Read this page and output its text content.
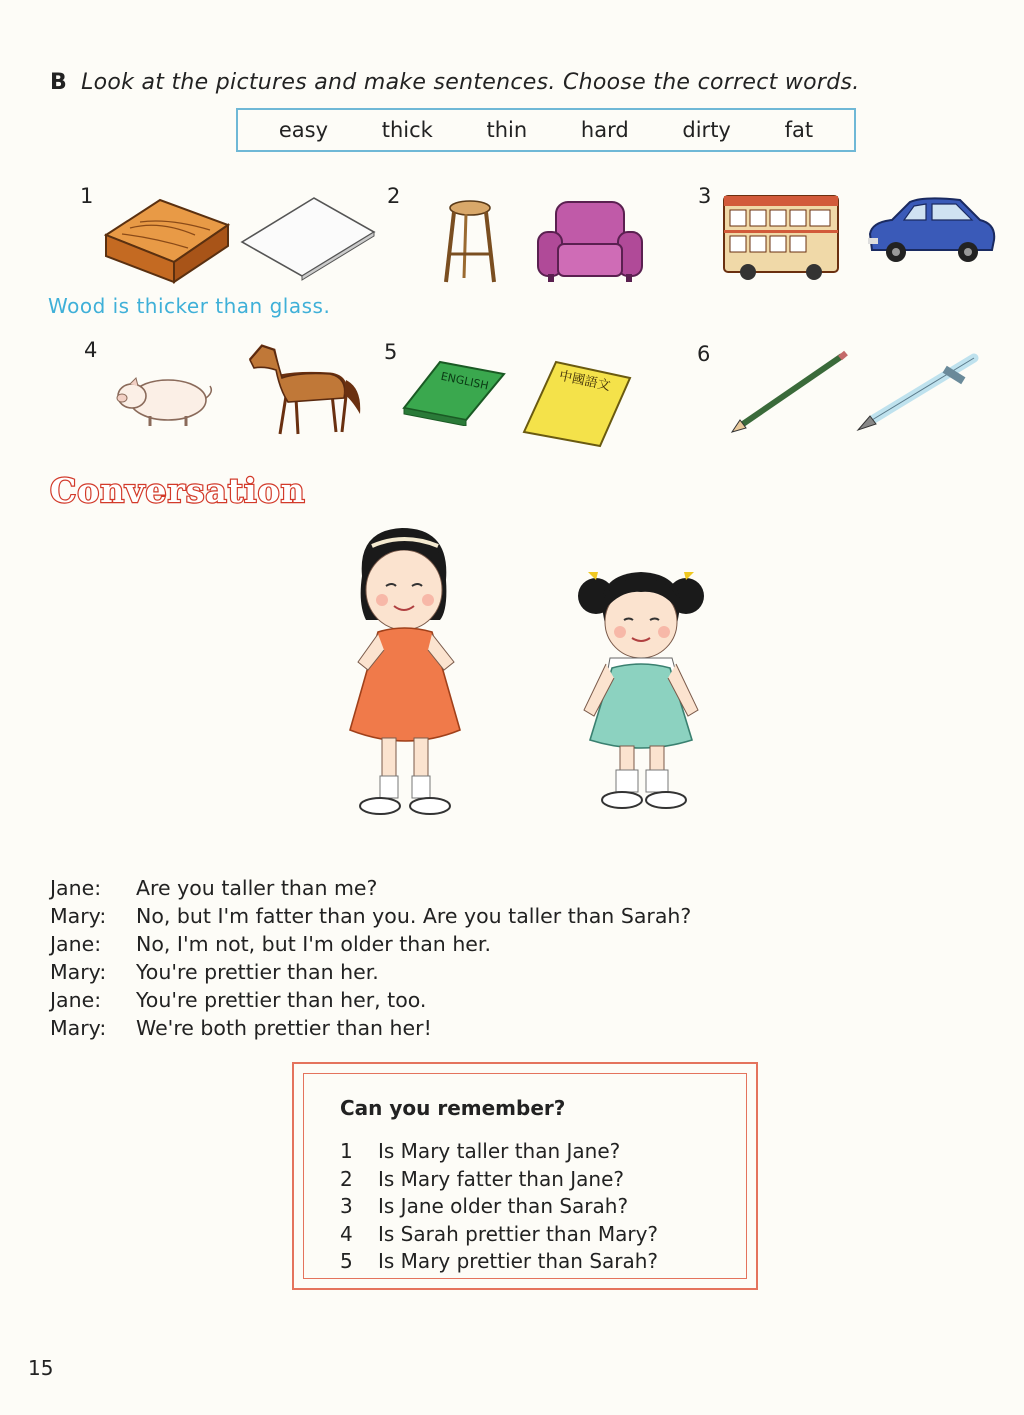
B Look at the pictures and make sentences. Choose the correct words.
easy	thick	thin	hard	dirty	fat
1	2	3
4	5	6
Wood is thicker than glass.
ENGLISH	中國語文
Conversation
Jane:	Are you taller than me?
Mary:	No, but I'm fatter than you. Are you taller than Sarah?
Jane:	No, I'm not, but I'm older than her.
Mary:	You're prettier than her.
Jane:	You're prettier than her, too.
Mary:	We're both prettier than her!
Can you remember?
1	Is Mary taller than Jane?
2	Is Mary fatter than Jane?
3	Is Jane older than Sarah?
4	Is Sarah prettier than Mary?
5	Is Mary prettier than Sarah?
15
